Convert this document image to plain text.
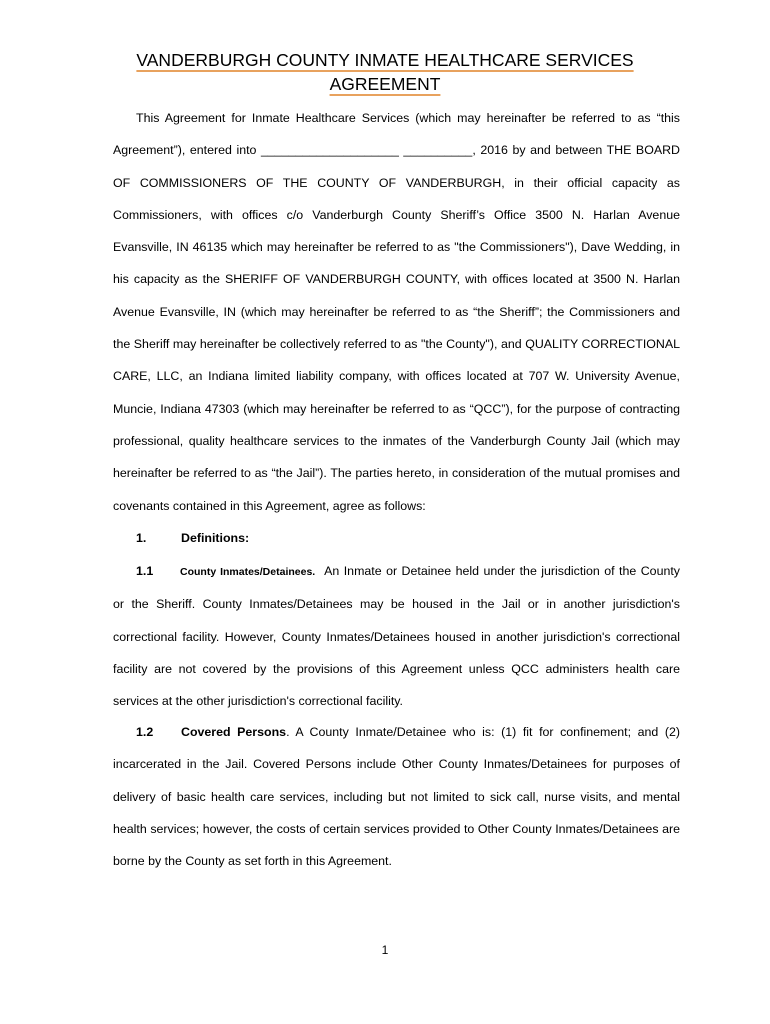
VANDERBURGH COUNTY INMATE HEALTHCARE SERVICES
AGREEMENT

This Agreement for Inmate Healthcare Services (which may hereinafter be referred to as “this Agreement”), entered into ____________________ __________, 2016 by and between THE BOARD OF COMMISSIONERS OF THE COUNTY OF VANDERBURGH, in their official capacity as Commissioners, with offices c/o Vanderburgh County Sheriff’s Office 3500 N. Harlan Avenue Evansville, IN 46135 which may hereinafter be referred to as "the Commissioners"), Dave Wedding, in his capacity as the SHERIFF OF VANDERBURGH COUNTY, with offices located at 3500 N. Harlan Avenue Evansville, IN (which may hereinafter be referred to as “the Sheriff”; the Commissioners and the Sheriff may hereinafter be collectively referred to as "the County"), and QUALITY CORRECTIONAL CARE, LLC, an Indiana limited liability company, with offices located at 707 W. University Avenue, Muncie, Indiana 47303 (which may hereinafter be referred to as “QCC”), for the purpose of contracting professional, quality healthcare services to the inmates of the Vanderburgh County Jail (which may hereinafter be referred to as “the Jail”). The parties hereto, in consideration of the mutual promises and covenants contained in this Agreement, agree as follows:

1.	Definitions:

1.1	County Inmates/Detainees. An Inmate or Detainee held under the jurisdiction of the County or the Sheriff. County Inmates/Detainees may be housed in the Jail or in another jurisdiction's correctional facility. However, County Inmates/Detainees housed in another jurisdiction's correctional facility are not covered by the provisions of this Agreement unless QCC administers health care services at the other jurisdiction's correctional facility.

1.2 Covered Persons. A County Inmate/Detainee who is: (1) fit for confinement; and (2) incarcerated in the Jail. Covered Persons include Other County Inmates/Detainees for purposes of delivery of basic health care services, including but not limited to sick call, nurse visits, and mental health services; however, the costs of certain services provided to Other County Inmates/Detainees are borne by the County as set forth in this Agreement.

1
